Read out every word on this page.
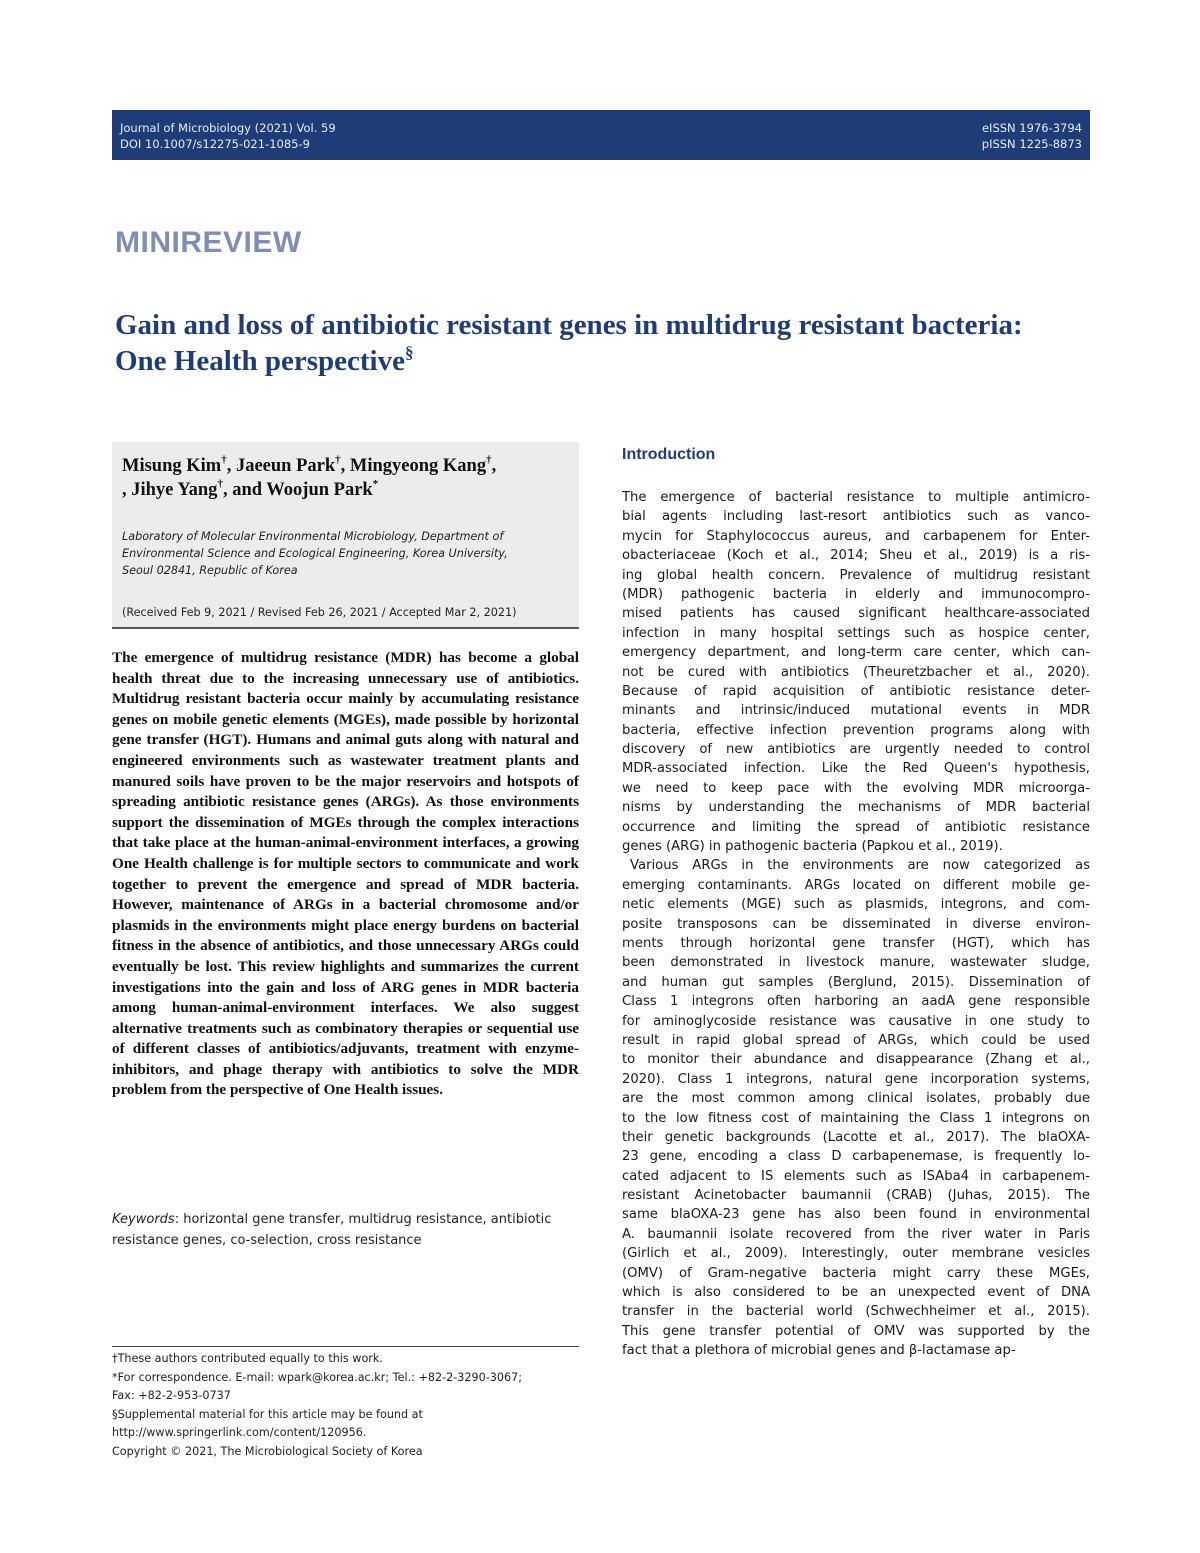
Journal of Microbiology (2021) Vol. 59
DOI 10.1007/s12275-021-1085-9
eISSN 1976-3794
pISSN 1225-8873
MINIREVIEW
Gain and loss of antibiotic resistant genes in multidrug resistant bacteria:
One Health perspective§
Misung Kim†, Jaeeun Park†, Mingyeong Kang†,
, Jihye Yang†, and Woojun Park*
Laboratory of Molecular Environmental Microbiology, Department of
Environmental Science and Ecological Engineering, Korea University,
Seoul 02841, Republic of Korea
(Received Feb 9, 2021 / Revised Feb 26, 2021 / Accepted Mar 2, 2021)
The emergence of multidrug resistance (MDR) has become a global health threat due to the increasing unnecessary use of antibiotics. Multidrug resistant bacteria occur mainly by accumulating resistance genes on mobile genetic elements (MGEs), made possible by horizontal gene transfer (HGT). Humans and animal guts along with natural and engineered environments such as wastewater treatment plants and manured soils have proven to be the major reservoirs and hotspots of spreading antibiotic resistance genes (ARGs). As those environments support the dissemination of MGEs through the complex interactions that take place at the human-animal-environment interfaces, a growing One Health challenge is for multiple sectors to communicate and work together to prevent the emergence and spread of MDR bacteria. However, maintenance of ARGs in a bacterial chromosome and/or plasmids in the environments might place energy burdens on bacterial fitness in the absence of antibiotics, and those unnecessary ARGs could eventually be lost. This review highlights and summarizes the current investigations into the gain and loss of ARG genes in MDR bacteria among human-animal-environment interfaces. We also suggest alternative treatments such as combinatory therapies or sequential use of different classes of antibiotics/adjuvants, treatment with enzyme-inhibitors, and phage therapy with antibiotics to solve the MDR problem from the perspective of One Health issues.
Keywords: horizontal gene transfer, multidrug resistance, antibiotic resistance genes, co-selection, cross resistance
†These authors contributed equally to this work.
*For correspondence. E-mail: wpark@korea.ac.kr; Tel.: +82-2-3290-3067;
Fax: +82-2-953-0737
§Supplemental material for this article may be found at
http://www.springerlink.com/content/120956.
Copyright © 2021, The Microbiological Society of Korea
Introduction
The emergence of bacterial resistance to multiple antimicro-
bial agents including last-resort antibiotics such as vanco-
mycin for Staphylococcus aureus, and carbapenem for Enter-
obacteriaceae (Koch et al., 2014; Sheu et al., 2019) is a ris-
ing global health concern. Prevalence of multidrug resistant
(MDR) pathogenic bacteria in elderly and immunocompro-
mised patients has caused significant healthcare-associated
infection in many hospital settings such as hospice center,
emergency department, and long-term care center, which can-
not be cured with antibiotics (Theuretzbacher et al., 2020).
Because of rapid acquisition of antibiotic resistance deter-
minants and intrinsic/induced mutational events in MDR
bacteria, effective infection prevention programs along with
discovery of new antibiotics are urgently needed to control
MDR-associated infection. Like the Red Queen's hypothesis,
we need to keep pace with the evolving MDR microorga-
nisms by understanding the mechanisms of MDR bacterial
occurrence and limiting the spread of antibiotic resistance
genes (ARG) in pathogenic bacteria (Papkou et al., 2019).
Various ARGs in the environments are now categorized as
emerging contaminants. ARGs located on different mobile ge-
netic elements (MGE) such as plasmids, integrons, and com-
posite transposons can be disseminated in diverse environ-
ments through horizontal gene transfer (HGT), which has
been demonstrated in livestock manure, wastewater sludge,
and human gut samples (Berglund, 2015). Dissemination of
Class 1 integrons often harboring an aadA gene responsible
for aminoglycoside resistance was causative in one study to
result in rapid global spread of ARGs, which could be used
to monitor their abundance and disappearance (Zhang et al.,
2020). Class 1 integrons, natural gene incorporation systems,
are the most common among clinical isolates, probably due
to the low fitness cost of maintaining the Class 1 integrons on
their genetic backgrounds (Lacotte et al., 2017). The blaOXA-
23 gene, encoding a class D carbapenemase, is frequently lo-
cated adjacent to IS elements such as ISAba4 in carbapenem-
resistant Acinetobacter baumannii (CRAB) (Juhas, 2015). The
same blaOXA-23 gene has also been found in environmental
A. baumannii isolate recovered from the river water in Paris
(Girlich et al., 2009). Interestingly, outer membrane vesicles
(OMV) of Gram-negative bacteria might carry these MGEs,
which is also considered to be an unexpected event of DNA
transfer in the bacterial world (Schwechheimer et al., 2015).
This gene transfer potential of OMV was supported by the
fact that a plethora of microbial genes and β-lactamase ap-
